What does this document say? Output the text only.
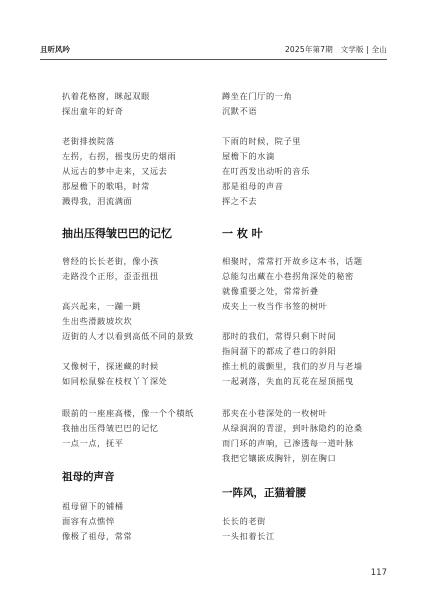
且听风吟	2025年第7期　文学版 | 全山
扒着花格窗，眯起双眼
探出童年的好奇
老街排挨院落
左拐，右拐，摇曳历史的烟雨
从远古的梦中走来，又远去
那屋檐下的歌唱，时常
溅得我，泪流满面
抽出压得皱巴巴的记忆
曾经的长长老街，像小孩
走路没个正形，歪歪扭扭
高兴起来，一蹦一跳
生出些滑跛坡坎坎
迈街的人才以看到高低不同的景致
又像树干，探迷藏的时候
如同松鼠躲在枝杈丫丫深处
眼前的一座座高楼，像一个个積纸
我抽出压得皱巴巴的记忆
一点一点，抚平
祖母的声音
祖母留下的铺桶
面容有点憔悴
像极了祖母，常常
蹲坐在门厅的一角
沉默不语
下雨的时候，院子里
屋檐下的水滴
在叮西发出动听的音乐
那是祖母的声音
挥之不去
一 枚 叶
相聚时，常常打开故乡这本书，话题
总能勾出藏在小巷拐角深处的秘密
就像重要之处，常常折叠
成夹上一枚当作书签的树叶
那时的我们，常得只剩下时间
指间溜下的都成了巷口的斜阳
推土机的震颤里，我们的岁月与老墙
一起剥落，失血的瓦花在屋顶摇曳
那夹在小巷深处的一枚树叶
从绿润润的青涩，到叶脉隐约的沧桑
而门环的声响，已渗透每一道叶脉
我把它镶嵌成胸针，别在胸口
一阵风，正猫着腰
长长的老街
一头扣着长江
117
